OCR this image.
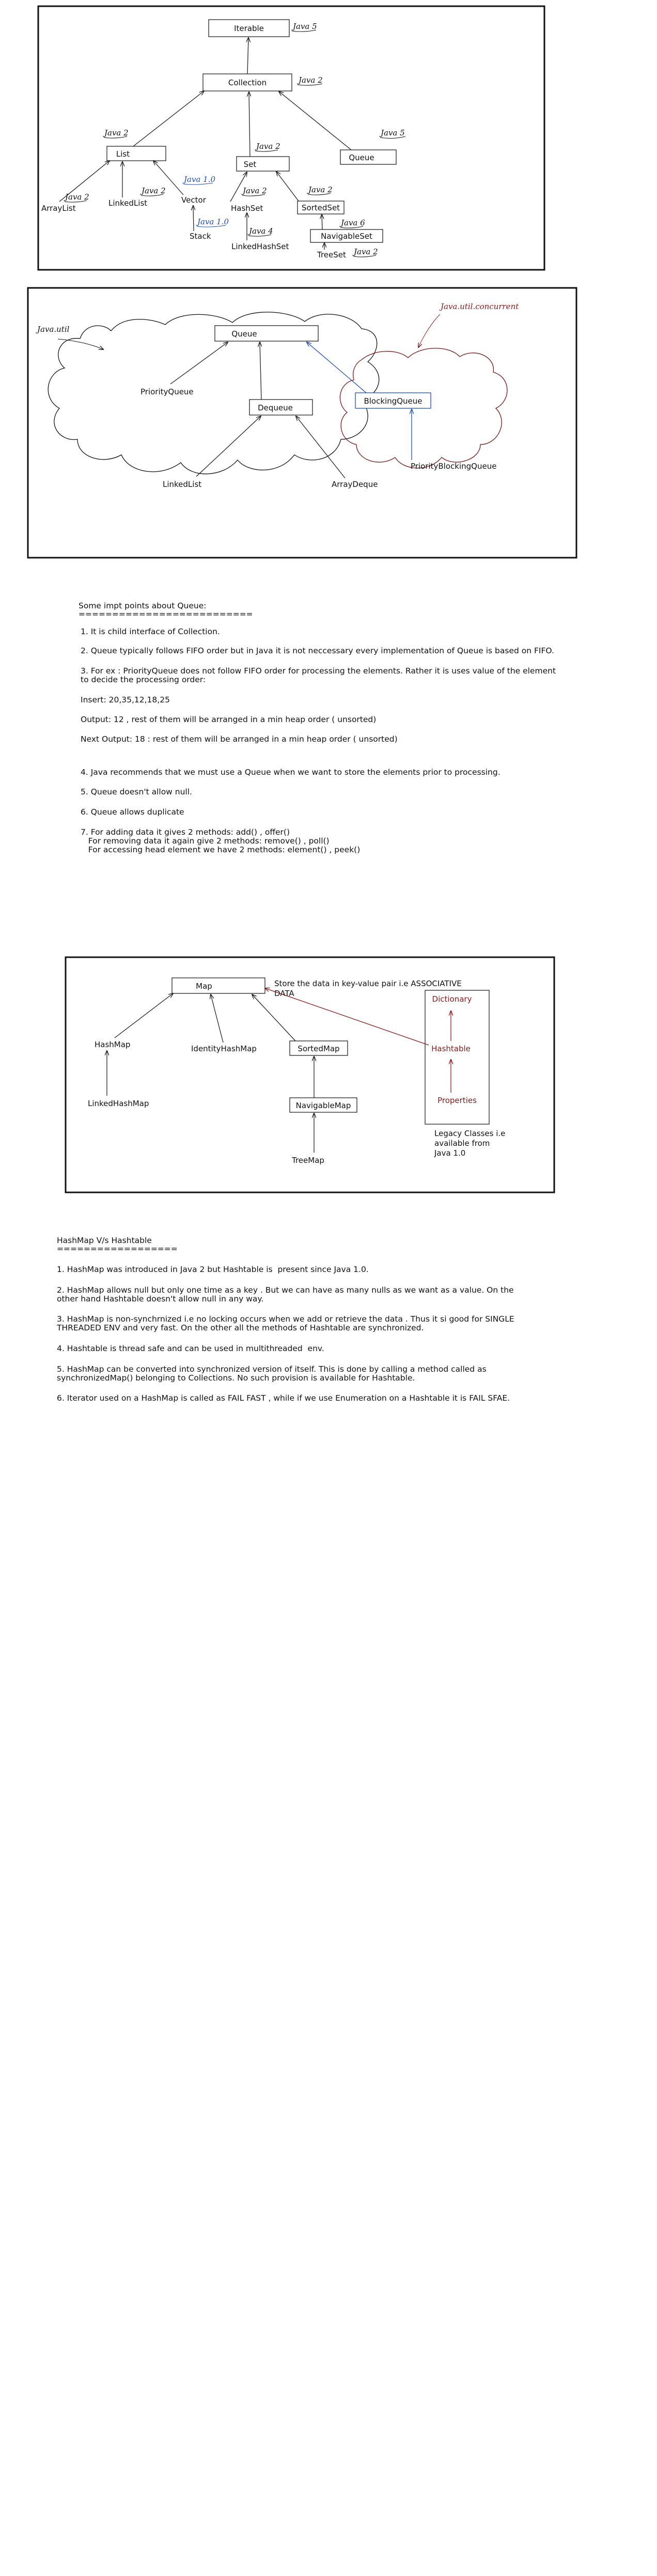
Iterable
Collection
List
Set
Queue
SortedSet
NavigableSet
ArrayList
LinkedList	Vector
Stack
HashSet
LinkedHashSet
TreeSet
Java 5
Java 2
Java 2	Java 5
Java 2
Java 2
Java 2
Java 1.0
Java 1.0
Java 2	Java 2
Java 4
Java 6
Java 2
Queue
Dequeue
BlockingQueue
PriorityQueue
LinkedList	ArrayDeque
PriorityBlockingQueue
Java.util
Java.util.concurrent
Map
SortedMap
NavigableMap
Dictionary
Hashtable
Properties
HashMap	IdentityHashMap
LinkedHashMap
TreeMap
Store the data in key-value pair i.e ASSOCIATIVE
DATA
Legacy Classes i.e
available from
Java 1.0

Some impt points about Queue:

==========================

1. It is child interface of Collection.

2. Queue typically follows FIFO order but in Java it is not neccessary every implementation of Queue is based on FIFO.

3. For ex : PriorityQueue does not follow FIFO order for processing the elements. Rather it is uses value of the element

to decide the processing order:

Insert: 20,35,12,18,25

Output: 12 , rest of them will be arranged in a min heap order ( unsorted)

Next Output: 18 : rest of them will be arranged in a min heap order ( unsorted)

4. Java recommends that we must use a Queue when we want to store the elements prior to processing.

5. Queue doesn't allow null.

6. Queue allows duplicate

7. For adding data it gives 2 methods: add() , offer()

For removing data it again give 2 methods: remove() , poll()

For accessing head element we have 2 methods: element() , peek()

HashMap V/s Hashtable

==================

1. HashMap was introduced in Java 2 but Hashtable is  present since Java 1.0.

2. HashMap allows null but only one time as a key . But we can have as many nulls as we want as a value. On the

other hand Hashtable doesn't allow null in any way.

3. HashMap is non-synchrnized i.e no locking occurs when we add or retrieve the data . Thus it si good for SINGLE

THREADED ENV and very fast. On the other all the methods of Hashtable are synchronized.

4. Hashtable is thread safe and can be used in multithreaded  env.

5. HashMap can be converted into synchronized version of itself. This is done by calling a method called as

synchronizedMap() belonging to Collections. No such provision is available for Hashtable.

6. Iterator used on a HashMap is called as FAIL FAST , while if we use Enumeration on a Hashtable it is FAIL SFAE.
